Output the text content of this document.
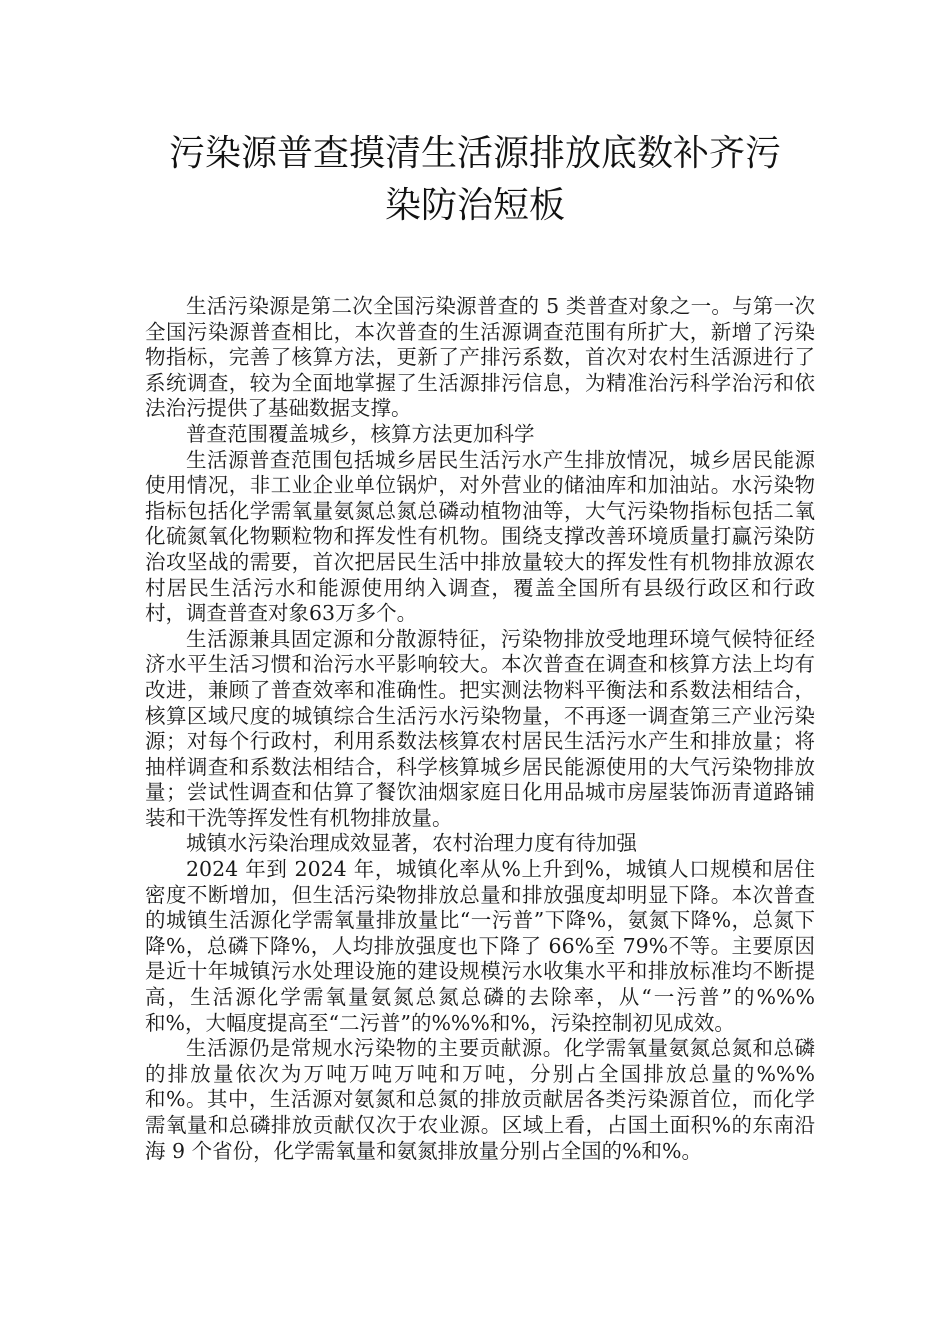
污染源普查摸清生活源排放底数补齐污
染防治短板

生活污染源是第二次全国污染源普查的 5 类普查对象之一。与第一次全国污染源普查相比，本次普查的生活源调查范围有所扩大，新增了污染物指标，完善了核算方法，更新了产排污系数，首次对农村生活源进行了系统调查，较为全面地掌握了生活源排污信息，为精准治污科学治污和依法治污提供了基础数据支撑。

普查范围覆盖城乡，核算方法更加科学

生活源普查范围包括城乡居民生活污水产生排放情况，城乡居民能源使用情况，非工业企业单位锅炉，对外营业的储油库和加油站。水污染物指标包括化学需氧量氨氮总氮总磷动植物油等，大气污染物指标包括二氧化硫氮氧化物颗粒物和挥发性有机物。围绕支撑改善环境质量打赢污染防治攻坚战的需要，首次把居民生活中排放量较大的挥发性有机物排放源农村居民生活污水和能源使用纳入调查，覆盖全国所有县级行政区和行政村，调查普查对象63万多个。

生活源兼具固定源和分散源特征，污染物排放受地理环境气候特征经济水平生活习惯和治污水平影响较大。本次普查在调查和核算方法上均有改进，兼顾了普查效率和准确性。把实测法物料平衡法和系数法相结合，核算区域尺度的城镇综合生活污水污染物量，不再逐一调查第三产业污染源；对每个行政村，利用系数法核算农村居民生活污水产生和排放量；将抽样调查和系数法相结合，科学核算城乡居民能源使用的大气污染物排放量；尝试性调查和估算了餐饮油烟家庭日化用品城市房屋装饰沥青道路铺装和干洗等挥发性有机物排放量。

城镇水污染治理成效显著，农村治理力度有待加强

2024 年到 2024 年，城镇化率从%上升到%，城镇人口规模和居住密度不断增加，但生活污染物排放总量和排放强度却明显下降。本次普查的城镇生活源化学需氧量排放量比“一污普”下降%，氨氮下降%，总氮下降%，总磷下降%，人均排放强度也下降了 66%至 79%不等。主要原因是近十年城镇污水处理设施的建设规模污水收集水平和排放标准均不断提高，生活源化学需氧量氨氮总氮总磷的去除率，从“一污普”的%%%和%，大幅度提高至“二污普”的%%%和%，污染控制初见成效。

生活源仍是常规水污染物的主要贡献源。化学需氧量氨氮总氮和总磷的排放量依次为万吨万吨万吨和万吨，分别占全国排放总量的%%%和%。其中，生活源对氨氮和总氮的排放贡献居各类污染源首位，而化学需氧量和总磷排放贡献仅次于农业源。区域上看，占国土面积%的东南沿海 9 个省份，化学需氧量和氨氮排放量分别占全国的%和%。
